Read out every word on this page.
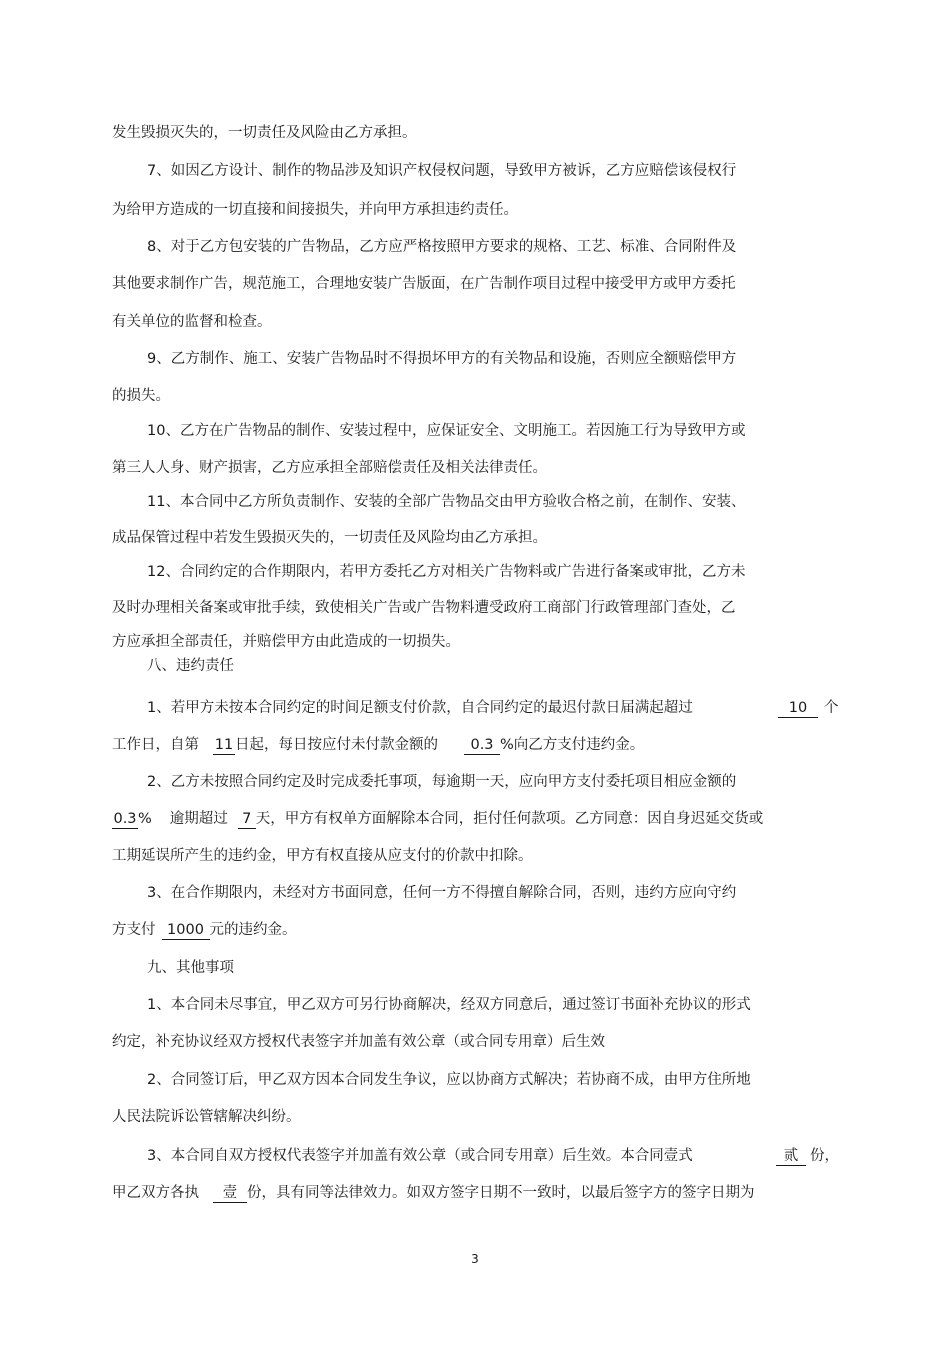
发生毁损灭失的，一切责任及风险由乙方承担。
7、如因乙方设计、制作的物品涉及知识产权侵权问题，导致甲方被诉，乙方应赔偿该侵权行
为给甲方造成的一切直接和间接损失，并向甲方承担违约责任。
8、对于乙方包安装的广告物品，乙方应严格按照甲方要求的规格、工艺、标准、合同附件及
其他要求制作广告，规范施工，合理地安装广告版面，在广告制作项目过程中接受甲方或甲方委托
有关单位的监督和检查。
9、乙方制作、施工、安装广告物品时不得损坏甲方的有关物品和设施，否则应全额赔偿甲方
的损失。
10、乙方在广告物品的制作、安装过程中，应保证安全、文明施工。若因施工行为导致甲方或
第三人人身、财产损害，乙方应承担全部赔偿责任及相关法律责任。
11、本合同中乙方所负责制作、安装的全部广告物品交由甲方验收合格之前，在制作、安装、
成品保管过程中若发生毁损灭失的，一切责任及风险均由乙方承担。
12、合同约定的合作期限内，若甲方委托乙方对相关广告物料或广告进行备案或审批，乙方未
及时办理相关备案或审批手续，致使相关广告或广告物料遭受政府工商部门行政管理部门查处，乙
方应承担全部责任，并赔偿甲方由此造成的一切损失。
八、违约责任
1、若甲方未按本合同约定的时间足额支付价款，自合同约定的最迟付款日届满起超过	10 个
工作日，自第 11 日起，每日按应付未付款金额的 0.3 %向乙方支付违约金。
2、乙方未按照合同约定及时完成委托事项，每逾期一天，应向甲方支付委托项目相应金额的
0.3% 逾期超过 7 天，甲方有权单方面解除本合同，拒付任何款项。乙方同意：因自身迟延交货或
工期延误所产生的违约金，甲方有权直接从应支付的价款中扣除。
3、在合作期限内，未经对方书面同意，任何一方不得擅自解除合同，否则，违约方应向守约
方支付 1000 元的违约金。
九、其他事项
1、本合同未尽事宜，甲乙双方可另行协商解决，经双方同意后，通过签订书面补充协议的形式
约定，补充协议经双方授权代表签字并加盖有效公章（或合同专用章）后生效
2、合同签订后，甲乙双方因本合同发生争议，应以协商方式解决；若协商不成，由甲方住所地
人民法院诉讼管辖解决纠纷。
3、本合同自双方授权代表签字并加盖有效公章（或合同专用章）后生效。本合同壹式	贰 份，
甲乙双方各执 壹 份，具有同等法律效力。如双方签字日期不一致时，以最后签字方的签字日期为
3
